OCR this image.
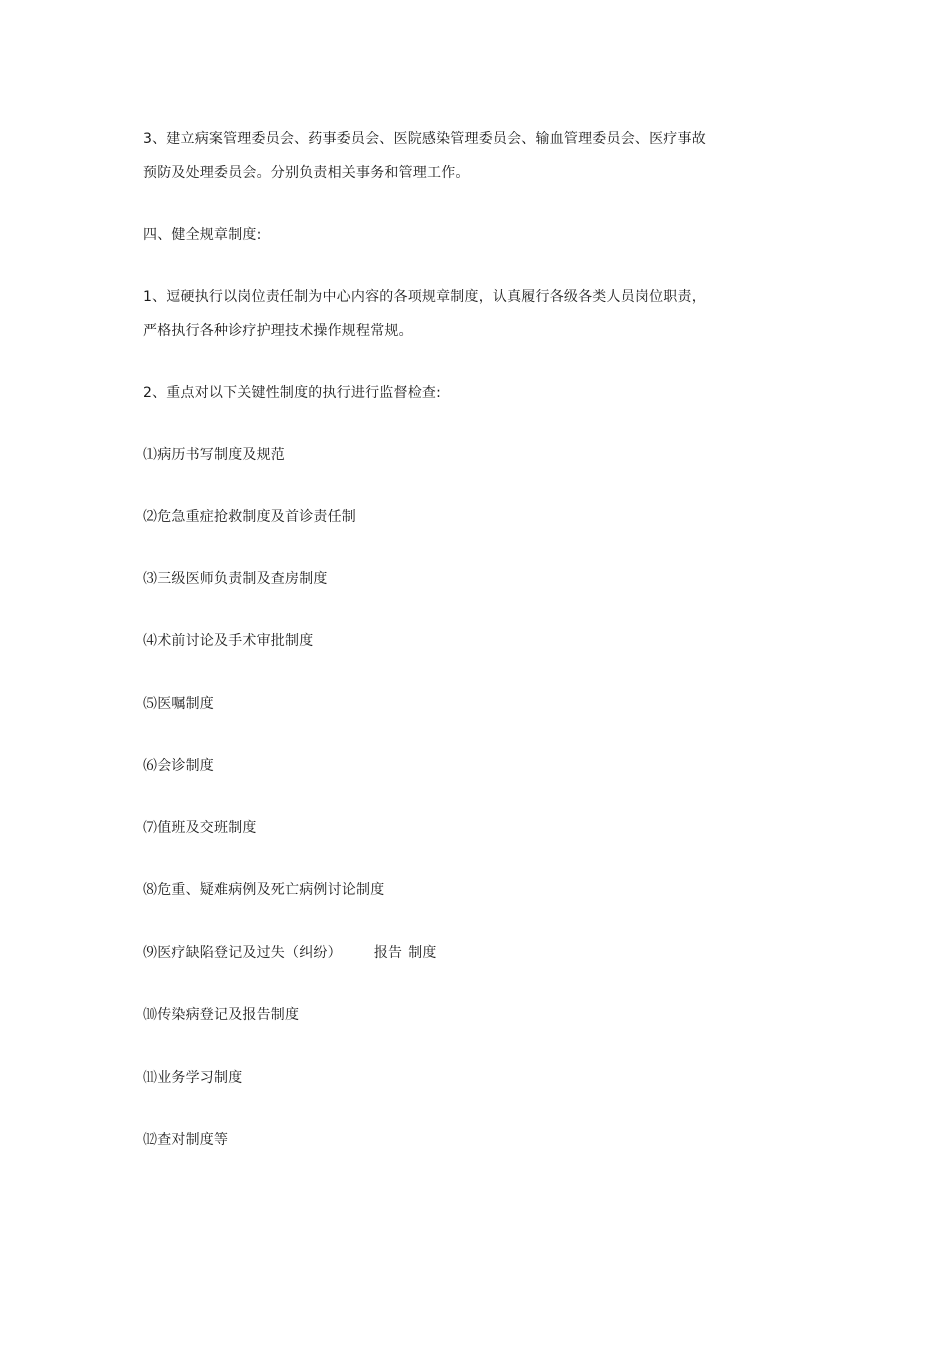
3、建立病案管理委员会、药事委员会、医院感染管理委员会、输血管理委员会、医疗事故
预防及处理委员会。分别负责相关事务和管理工作。
四、健全规章制度:
1、逗硬执行以岗位责任制为中心内容的各项规章制度，认真履行各级各类人员岗位职责，
严格执行各种诊疗护理技术操作规程常规。
2、重点对以下关键性制度的执行进行监督检查:
⑴病历书写制度及规范
⑵危急重症抢救制度及首诊责任制
⑶三级医师负责制及查房制度
⑷术前讨论及手术审批制度
⑸医嘱制度
⑹会诊制度
⑺值班及交班制度
⑻危重、疑难病例及死亡病例讨论制度
⑼医疗缺陷登记及过失（纠纷） 报告 制度
⑽传染病登记及报告制度
⑾业务学习制度
⑿查对制度等
